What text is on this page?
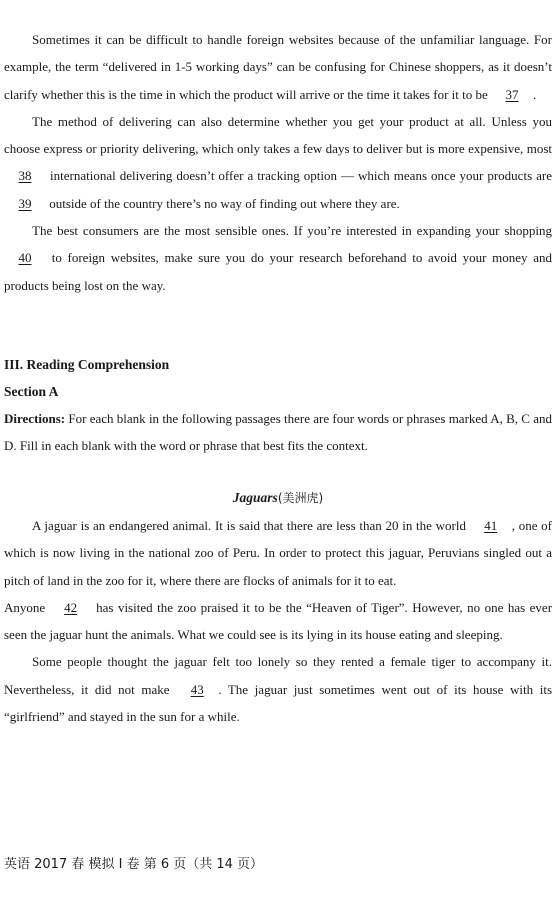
Sometimes it can be difficult to handle foreign websites because of the unfamiliar language. For example, the term “delivered in 1-5 working days” can be confusing for Chinese shoppers, as it doesn’t clarify whether this is the time in which the product will arrive or the time it takes for it to be 37 .

The method of delivering can also determine whether you get your product at all. Unless you choose express or priority delivering, which only takes a few days to deliver but is more expensive, most 38 international delivering doesn’t offer a tracking option — which means once your products are 39 outside of the country there’s no way of finding out where they are.

The best consumers are the most sensible ones. If you’re interested in expanding your shopping 40 to foreign websites, make sure you do your research beforehand to avoid your money and products being lost on the way.

III. Reading Comprehension

Section A

Directions: For each blank in the following passages there are four words or phrases marked A, B, C and D. Fill in each blank with the word or phrase that best fits the context.

Jaguars(美洲虎)

A jaguar is an endangered animal. It is said that there are less than 20 in the world 41 , one of which is now living in the national zoo of Peru. In order to protect this jaguar, Peruvians singled out a pitch of land in the zoo for it, where there are flocks of animals for it to eat.

Anyone 42 has visited the zoo praised it to be the “Heaven of Tiger”. However, no one has ever seen the jaguar hunt the animals. What we could see is its lying in its house eating and sleeping.

Some people thought the jaguar felt too lonely so they rented a female tiger to accompany it. Nevertheless, it did not make 43 . The jaguar just sometimes went out of its house with its “girlfriend” and stayed in the sun for a while.

英语 2017 春 模拟 I 卷 第 6 页（共 14 页）
